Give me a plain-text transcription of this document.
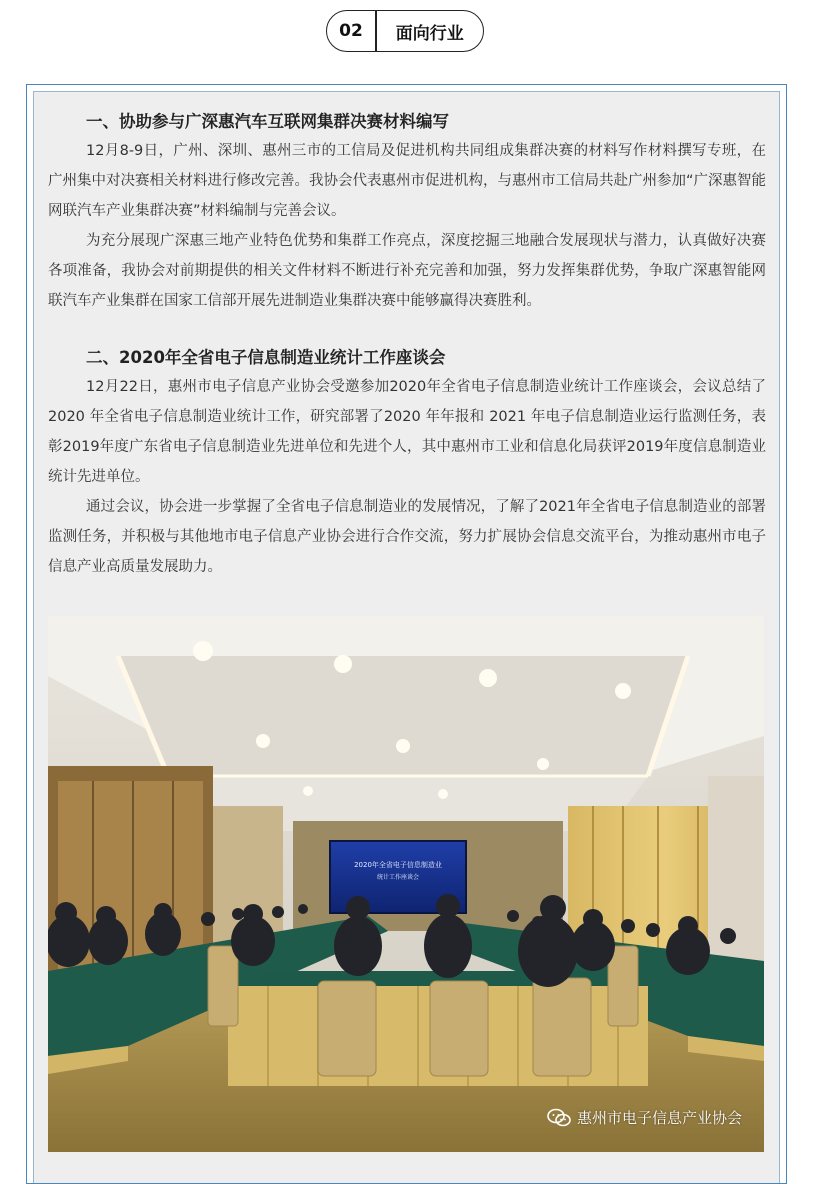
02	面向行业

一、协助参与广深惠汽车互联网集群决赛材料编写

12月8-9日，广州、深圳、惠州三市的工信局及促进机构共同组成集群决赛的材料写作材料撰写专班，在广州集中对决赛相关材料进行修改完善。我协会代表惠州市促进机构，与惠州市工信局共赴广州参加“广深惠智能网联汽车产业集群决赛”材料编制与完善会议。

为充分展现广深惠三地产业特色优势和集群工作亮点，深度挖掘三地融合发展现状与潜力，认真做好决赛各项准备，我协会对前期提供的相关文件材料不断进行补充完善和加强，努力发挥集群优势，争取广深惠智能网联汽车产业集群在国家工信部开展先进制造业集群决赛中能够赢得决赛胜利。

二、2020年全省电子信息制造业统计工作座谈会

12月22日，惠州市电子信息产业协会受邀参加2020年全省电子信息制造业统计工作座谈会，会议总结了 2020 年全省电子信息制造业统计工作，研究部署了2020 年年报和 2021 年电子信息制造业运行监测任务，表彰2019年度广东省电子信息制造业先进单位和先进个人，其中惠州市工业和信息化局获评2019年度信息制造业统计先进单位。

通过会议，协会进一步掌握了全省电子信息制造业的发展情况，了解了2021年全省电子信息制造业的部署监测任务，并积极与其他地市电子信息产业协会进行合作交流，努力扩展协会信息交流平台，为推动惠州市电子信息产业高质量发展助力。

2020年全省电子信息制造业
统计工作座谈会
惠州市电子信息产业协会
